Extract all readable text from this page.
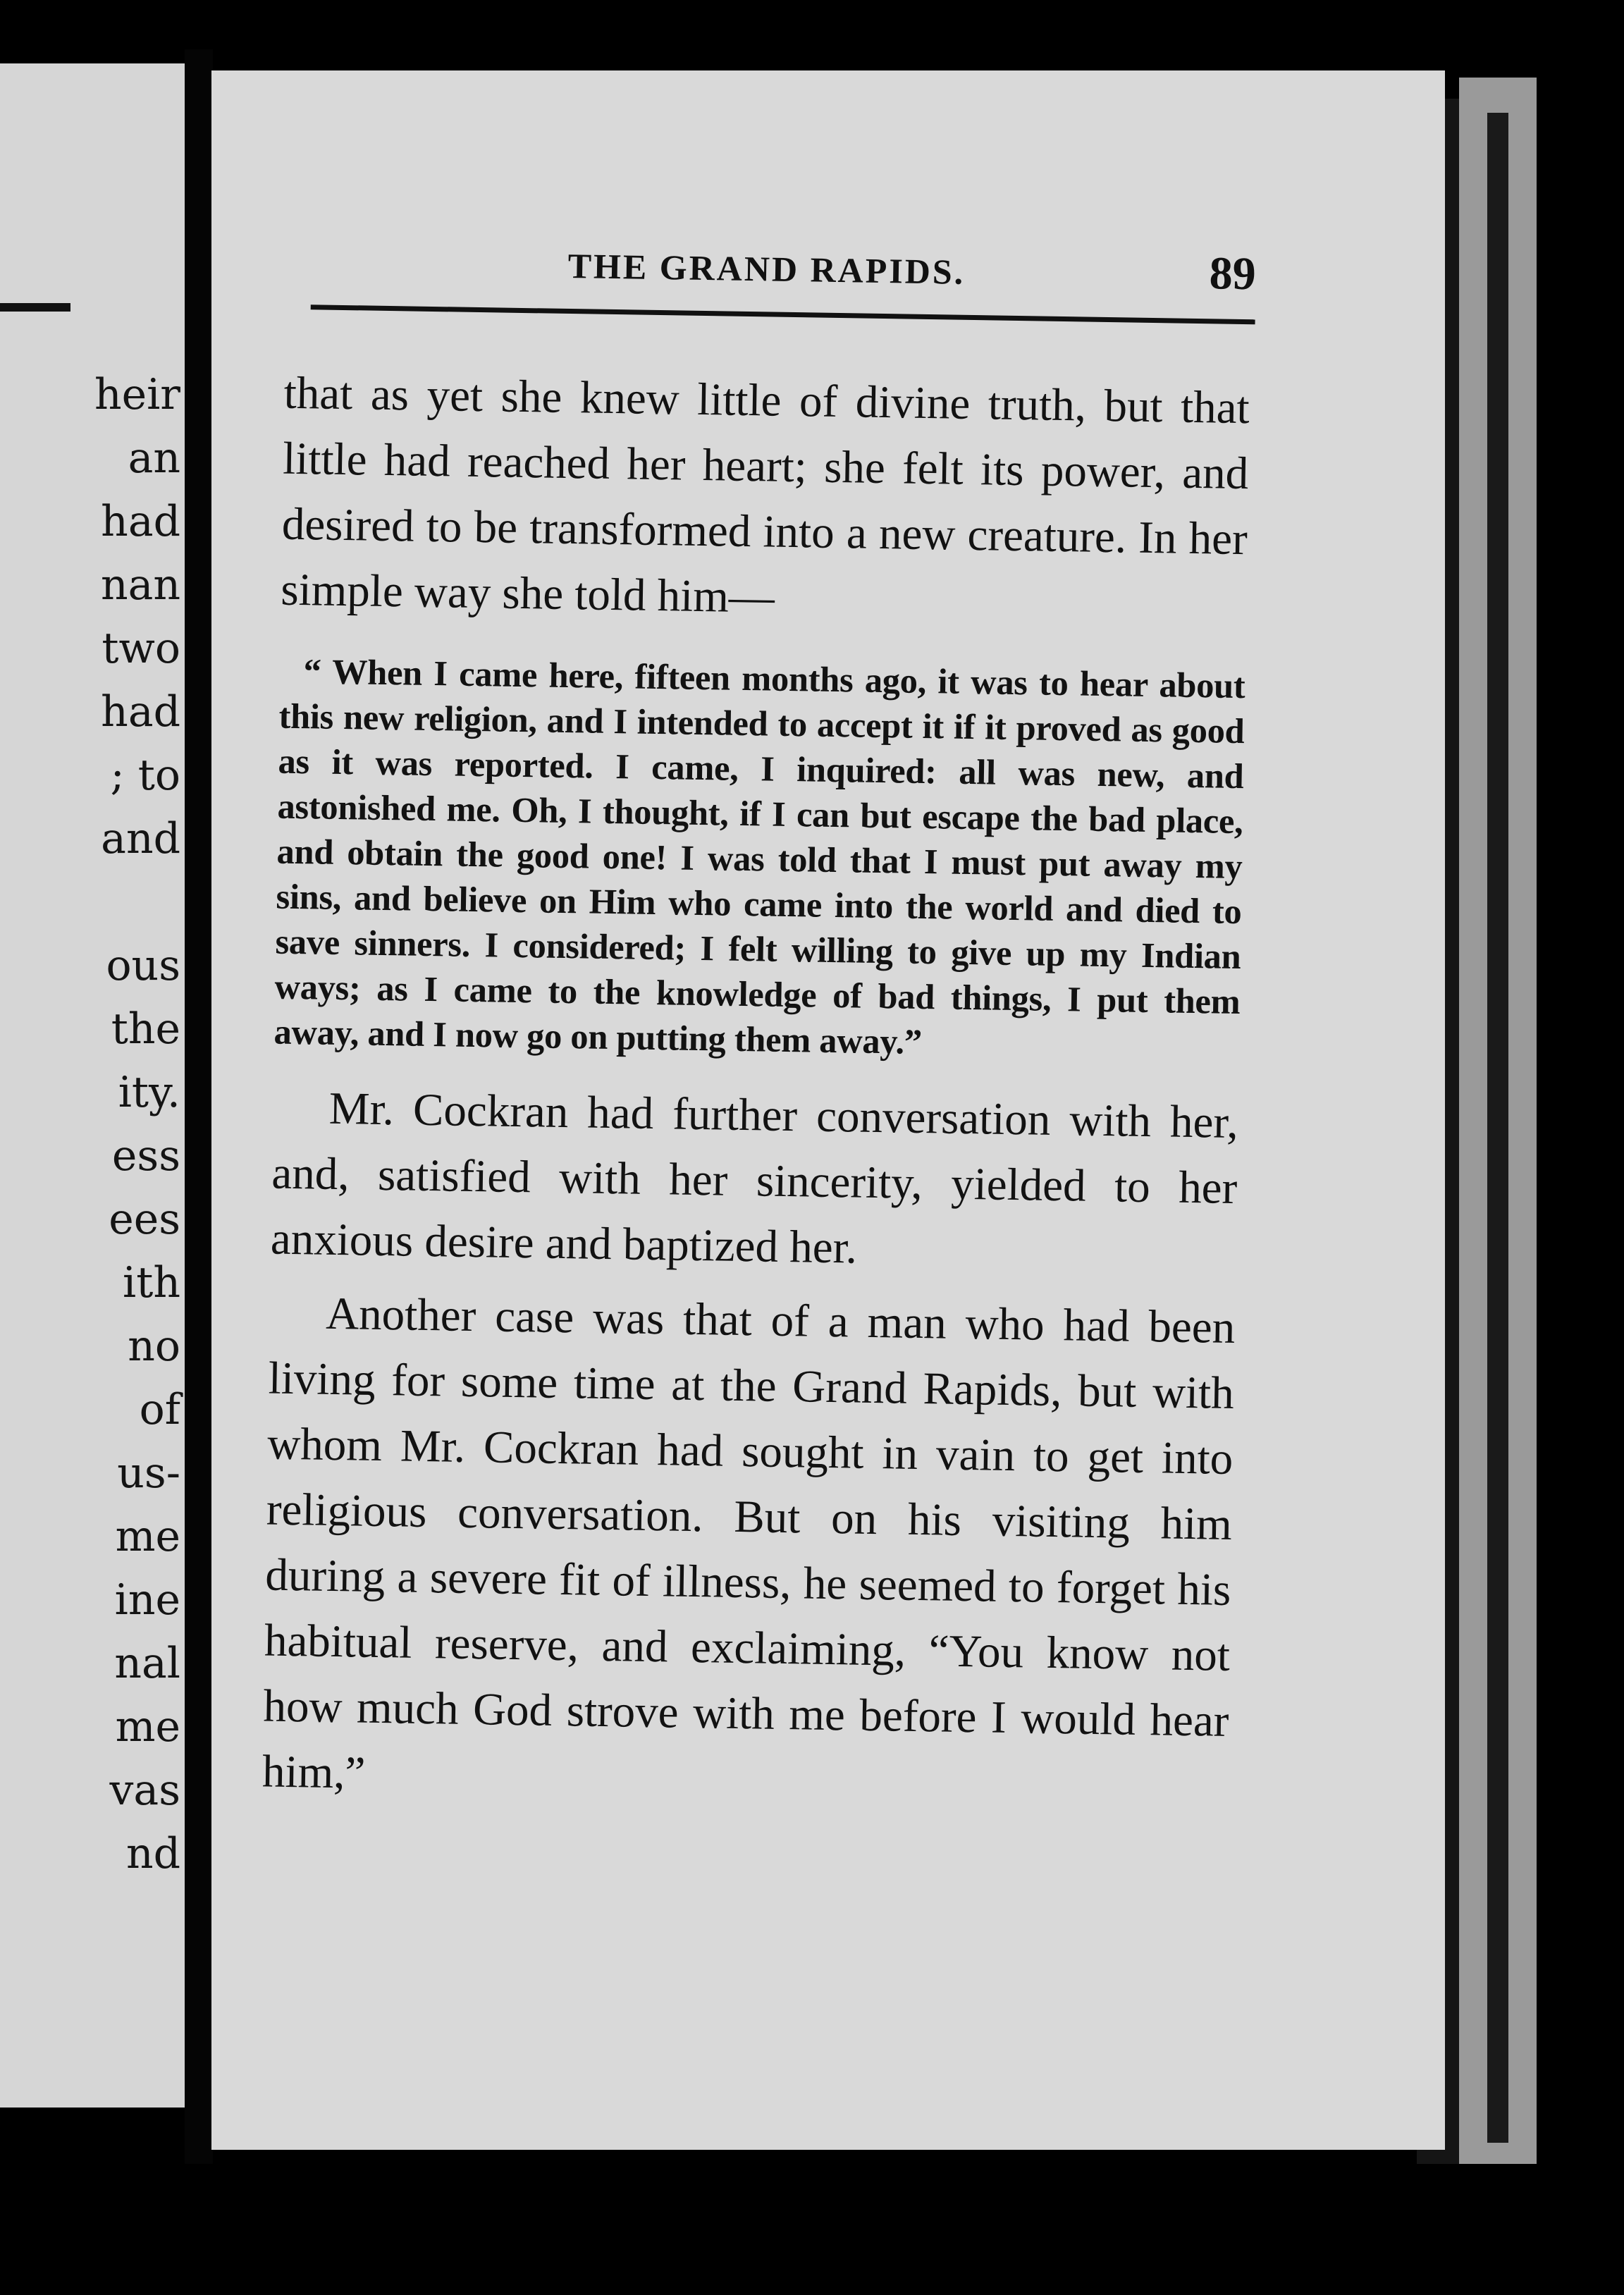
heir
an
had
nan
two
had
; to
and
ous
the
ity.
ess
ees
ith
no
of
us-
me
ine
nal
me
vas
nd
THE GRAND RAPIDS.	89

that as yet she knew little of divine truth, but that little had reached her heart; she felt its power, and desired to be transformed into a new creature. In her simple way she told him—

“ When I came here, fifteen months ago, it was to hear about this new religion, and I intended to accept it if it proved as good as it was reported. I came, I inquired: all was new, and astonished me. Oh, I thought, if I can but escape the bad place, and obtain the good one! I was told that I must put away my sins, and believe on Him who came into the world and died to save sinners. I considered; I felt willing to give up my Indian ways; as I came to the knowledge of bad things, I put them away, and I now go on putting them away.”

Mr. Cockran had further conversation with her, and, satisfied with her sincerity, yielded to her anxious desire and baptized her.

Another case was that of a man who had been living for some time at the Grand Rapids, but with whom Mr. Cockran had sought in vain to get into religious conversation. But on his visiting him during a severe fit of illness, he seemed to forget his habitual reserve, and exclaiming, “You know not how much God strove with me before I would hear him,”
